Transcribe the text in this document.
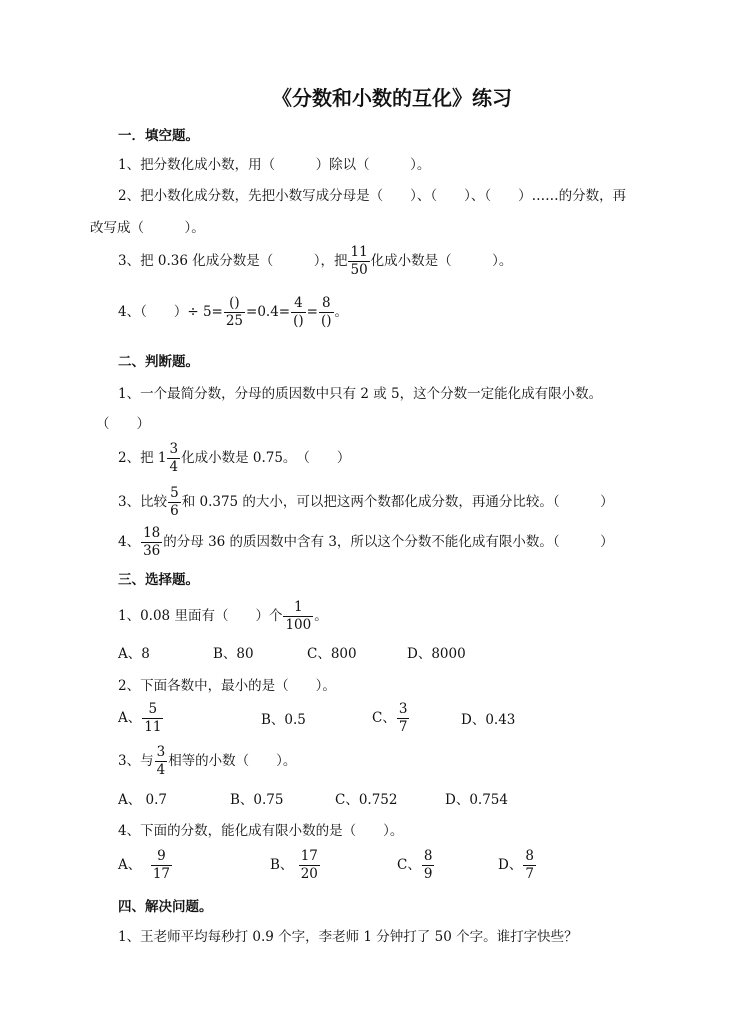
《分数和小数的互化》练习
一．填空题。
1、把分数化成小数，用（　　　）除以（　　　）。
2、把小数化成分数，先把小数写成分母是（　　）、（　　）、（　　）……的分数，再
改写成（　　　）。
3、把 0.36 化成分数是（　　　），把 $\frac{11}{50}$ 化成小数是（　　　）。
4、（　　）÷ $5= \frac{()}{25} =0.4= \frac{4}{()} = \frac{8}{()}$ 。
二、判断题。
1、一个最简分数，分母的质因数中只有 2 或 5，这个分数一定能化成有限小数。
（　　）
2、把 $1 \frac{3}{4}$ 化成小数是 0.75。　（　　）
3、比较 $\frac{5}{6}$ 和 0.375 的大小，可以把这两个数都化成分数，再通分比较。（　　　）
4、 $\frac{18}{36}$ 的分母 36 的质因数中含有 3，所以这个分数不能化成有限小数。（　　　）
三、选择题。
1、0.08 里面有（　　）个 $\frac{1}{100}$ 。
A、8	B、80	C、800	D、8000
2、下面各数中，最小的是（　　）。
A、 $\frac{5}{11}$	B、0.5	C、 $\frac{3}{7}$	D、0.43
3、与 $\frac{3}{4}$ 相等的小数（　　）。
A、 0.7	B、0.75	C、0.752	D、0.754
4、下面的分数，能化成有限小数的是（　　）。
A、 $\frac{9}{17}$	B、 $\frac{17}{20}$	C、 $\frac{8}{9}$	D、 $\frac{8}{7}$
四、解决问题。
1、王老师平均每秒打 0.9 个字，李老师 1 分钟打了 50 个字。谁打字快些？
